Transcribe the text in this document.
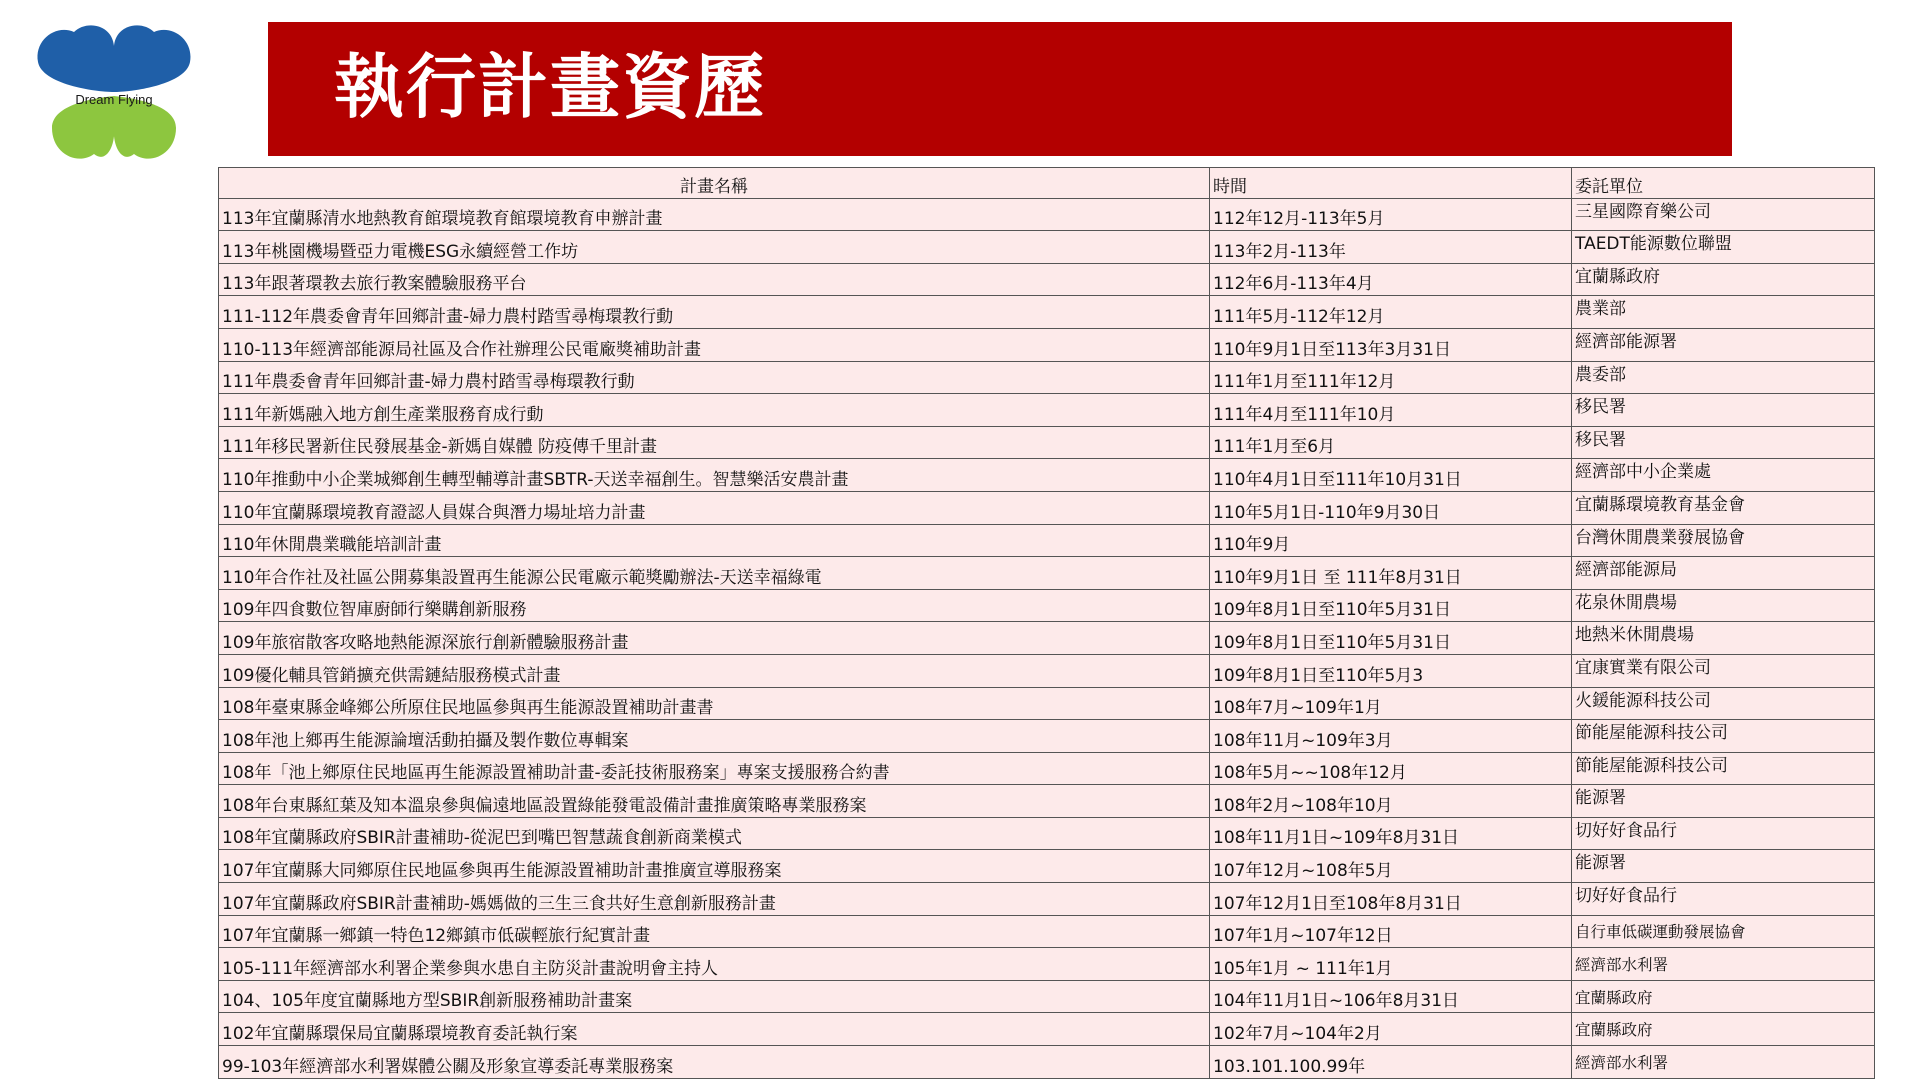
Dream Flying	執行計畫資歷
計畫名稱	時間	委託單位
113年宜蘭縣清水地熱教育館環境教育館環境教育申辦計畫	112年12月-113年5月	三星國際育樂公司
113年桃園機場暨亞力電機ESG永續經營工作坊	113年2月-113年	TAEDT能源數位聯盟
113年跟著環教去旅行教案體驗服務平台	112年6月-113年4月	宜蘭縣政府
111-112年農委會青年回鄉計畫-婦力農村踏雪尋梅環教行動	111年5月-112年12月	農業部
110-113年經濟部能源局社區及合作社辦理公民電廠獎補助計畫	110年9月1日至113年3月31日	經濟部能源署
111年農委會青年回鄉計畫-婦力農村踏雪尋梅環教行動	111年1月至111年12月	農委部
111年新媽融入地方創生產業服務育成行動	111年4月至111年10月	移民署
111年移民署新住民發展基金-新媽自媒體 防疫傳千里計畫	111年1月至6月	移民署
110年推動中小企業城鄉創生轉型輔導計畫SBTR-天送幸福創生。智慧樂活安農計畫	110年4月1日至111年10月31日	經濟部中小企業處
110年宜蘭縣環境教育證認人員媒合與潛力場址培力計畫	110年5月1日-110年9月30日	宜蘭縣環境教育基金會
110年休閒農業職能培訓計畫	110年9月	台灣休閒農業發展協會
110年合作社及社區公開募集設置再生能源公民電廠示範獎勵辦法-天送幸福綠電	110年9月1日 至 111年8月31日	經濟部能源局
109年四食數位智庫廚師行樂購創新服務	109年8月1日至110年5月31日	花泉休閒農場
109年旅宿散客攻略地熱能源深旅行創新體驗服務計畫	109年8月1日至110年5月31日	地熱米休閒農場
109優化輔具管銷擴充供需鏈結服務模式計畫	109年8月1日至110年5月3	宜康實業有限公司
108年臺東縣金峰鄉公所原住民地區參與再生能源設置補助計畫書	108年7月~109年1月	火鍰能源科技公司
108年池上鄉再生能源論壇活動拍攝及製作數位專輯案	108年11月~109年3月	節能屋能源科技公司
108年「池上鄉原住民地區再生能源設置補助計畫-委託技術服務案」專案支援服務合約書	108年5月~~108年12月	節能屋能源科技公司
108年台東縣紅葉及知本溫泉參與偏遠地區設置綠能發電設備計畫推廣策略專業服務案	108年2月~108年10月	能源署
108年宜蘭縣政府SBIR計畫補助-從泥巴到嘴巴智慧蔬食創新商業模式	108年11月1日~109年8月31日	切好好食品行
107年宜蘭縣大同鄉原住民地區參與再生能源設置補助計畫推廣宣導服務案	107年12月~108年5月	能源署
107年宜蘭縣政府SBIR計畫補助-媽媽做的三生三食共好生意創新服務計畫	107年12月1日至108年8月31日	切好好食品行
107年宜蘭縣一鄉鎮一特色12鄉鎮市低碳輕旅行紀實計畫	107年1月~107年12日	自行車低碳運動發展協會
105-111年經濟部水利署企業參與水患自主防災計畫說明會主持人	105年1月 ~ 111年1月	經濟部水利署
104、105年度宜蘭縣地方型SBIR創新服務補助計畫案	104年11月1日~106年8月31日	宜蘭縣政府
102年宜蘭縣環保局宜蘭縣環境教育委託執行案	102年7月~104年2月	宜蘭縣政府
99-103年經濟部水利署媒體公關及形象宣導委託專業服務案	103.101.100.99年	經濟部水利署
